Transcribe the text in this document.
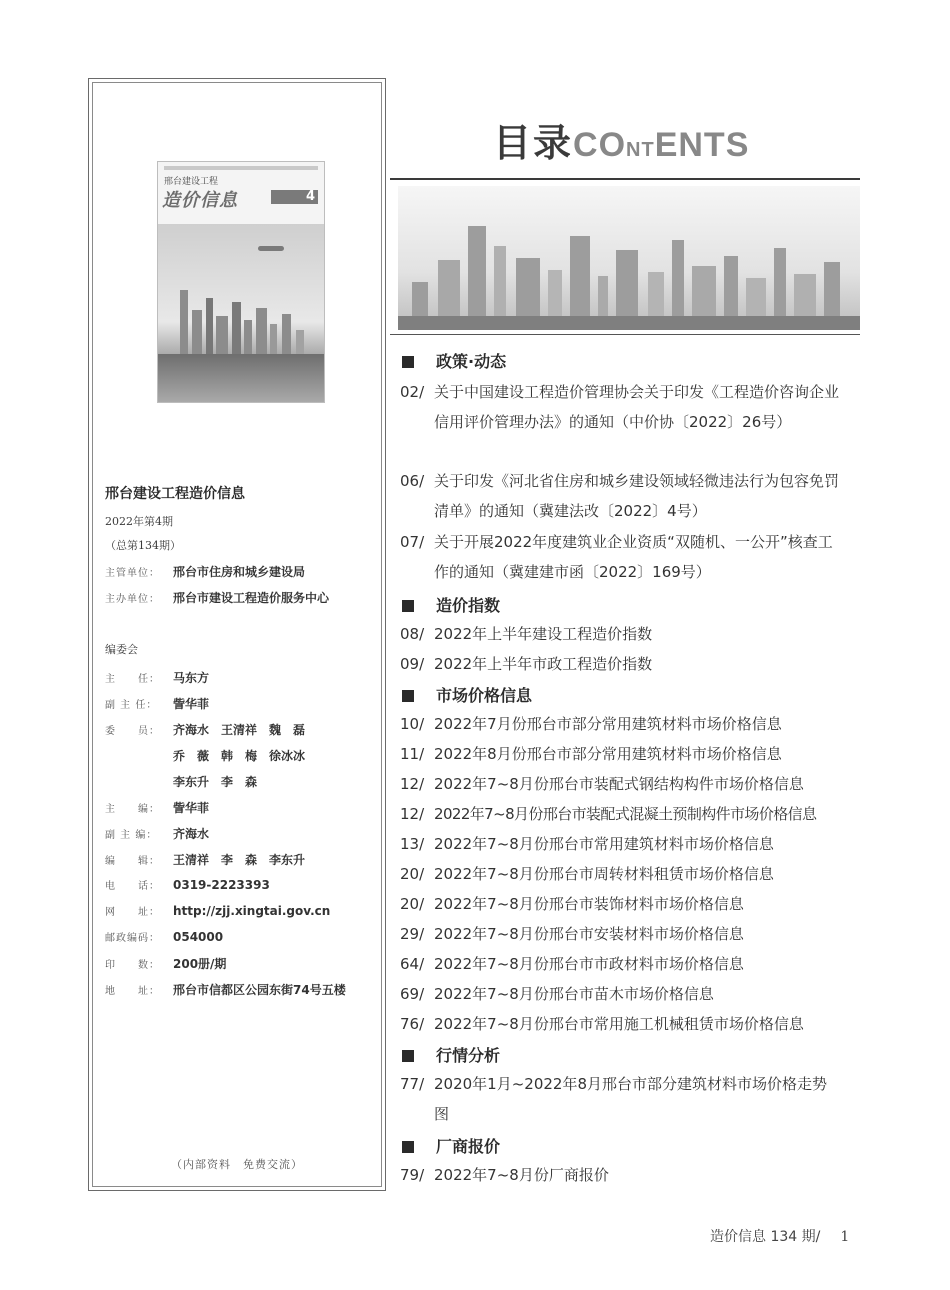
邢台建设工程
造价信息	4
邢台建设工程造价信息
2022年第4期
（总第134期）
主管单位： 邢台市住房和城乡建设局
主办单位： 邢台市建设工程造价服务中心
编委会
主　　任： 马东方
副 主 任： 訾华菲
委　　员： 齐海水　王清祥　魏　磊
乔　薇　韩　梅　徐冰冰
李东升　李　森
主　　编： 訾华菲
副 主 编： 齐海水
编　　辑： 王清祥　李　森　李东升
电　　话： 0319-2223393
网　　址： http://zjj.xingtai.gov.cn
邮政编码： 054000
印　　数： 200册/期
地　　址： 邢台市信都区公园东街74号五楼
（内部资料　免费交流）
目录CONTENTS
政策·动态
02/ 关于中国建设工程造价管理协会关于印发《工程造价咨询企业信用评价管理办法》的通知（中价协〔2022〕26号）
06/ 关于印发《河北省住房和城乡建设领域轻微违法行为包容免罚清单》的通知（冀建法改〔2022〕4号）
07/ 关于开展2022年度建筑业企业资质“双随机、一公开”核查工作的通知（冀建建市函〔2022〕169号）
造价指数
08/ 2022年上半年建设工程造价指数
09/ 2022年上半年市政工程造价指数
市场价格信息
10/ 2022年7月份邢台市部分常用建筑材料市场价格信息
11/ 2022年8月份邢台市部分常用建筑材料市场价格信息
12/ 2022年7~8月份邢台市装配式钢结构构件市场价格信息
12/ 2022年7~8月份邢台市装配式混凝土预制构件市场价格信息
13/ 2022年7~8月份邢台市常用建筑材料市场价格信息
20/ 2022年7~8月份邢台市周转材料租赁市场价格信息
20/ 2022年7~8月份邢台市装饰材料市场价格信息
29/ 2022年7~8月份邢台市安装材料市场价格信息
64/ 2022年7~8月份邢台市市政材料市场价格信息
69/ 2022年7~8月份邢台市苗木市场价格信息
76/ 2022年7~8月份邢台市常用施工机械租赁市场价格信息
行情分析
77/ 2020年1月~2022年8月邢台市部分建筑材料市场价格走势图
厂商报价
79/ 2022年7~8月份厂商报价
造价信息 134 期/ 1
